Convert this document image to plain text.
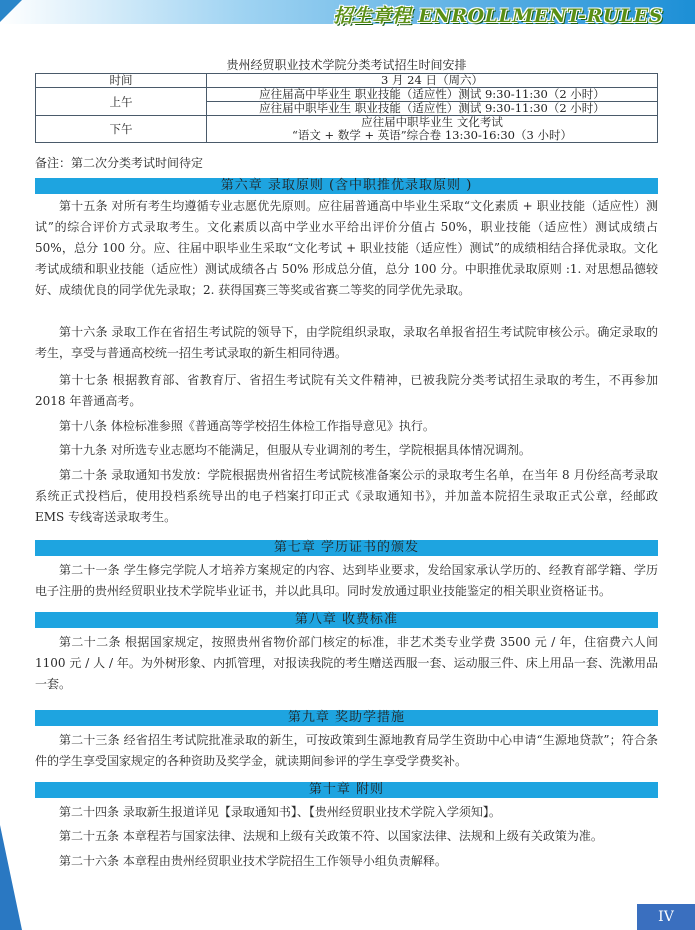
招生章程 ENROLLMENT-RULES
贵州经贸职业技术学院分类考试招生时间安排
时间	3 月 24 日（周六）
上午	应往届高中毕业生 职业技能（适应性）测试 9:30-11:30（2 小时）
	应往届中职毕业生 职业技能（适应性）测试 9:30-11:30（2 小时）
下午	应往届中职毕业生 文化考试
“语文 + 数学 + 英语”综合卷 13:30-16:30（3 小时）
备注：第二次分类考试时间待定
第六章 录取原则 (含中职推优录取原则 )
第十五条 对所有考生均遵循专业志愿优先原则。应往届普通高中毕业生采取“文化素质 + 职业技能（适应性）测试”的综合评价方式录取考生。文化素质以高中学业水平给出评价分值占 50%，职业技能（适应性）测试成绩占 50%，总分 100 分。应、往届中职毕业生采取“文化考试 + 职业技能（适应性）测试”的成绩相结合择优录取。文化考试成绩和职业技能（适应性）测试成绩各占 50% 形成总分值，总分 100 分。中职推优录取原则 :1. 对思想品德较好、成绩优良的同学优先录取；2. 获得国赛三等奖或省赛二等奖的同学优先录取。
第十六条 录取工作在省招生考试院的领导下，由学院组织录取，录取名单报省招生考试院审核公示。确定录取的考生，享受与普通高校统一招生考试录取的新生相同待遇。
第十七条 根据教育部、省教育厅、省招生考试院有关文件精神，已被我院分类考试招生录取的考生，不再参加 2018 年普通高考。
第十八条 体检标准参照《普通高等学校招生体检工作指导意见》执行。
第十九条 对所选专业志愿均不能满足，但服从专业调剂的考生，学院根据具体情况调剂。
第二十条 录取通知书发放：学院根据贵州省招生考试院核准备案公示的录取考生名单，在当年 8 月份经高考录取系统正式投档后，使用投档系统导出的电子档案打印正式《录取通知书》，并加盖本院招生录取正式公章，经邮政 EMS 专线寄送录取考生。
第七章 学历证书的颁发
第二十一条 学生修完学院人才培养方案规定的内容、达到毕业要求，发给国家承认学历的、经教育部学籍、学历电子注册的贵州经贸职业技术学院毕业证书，并以此具印。同时发放通过职业技能鉴定的相关职业资格证书。
第八章 收费标准
第二十二条 根据国家规定，按照贵州省物价部门核定的标准，非艺术类专业学费 3500 元 / 年，住宿费六人间 1100 元 / 人 / 年。为外树形象、内抓管理，对报读我院的考生赠送西服一套、运动服三件、床上用品一套、洗漱用品一套。
第九章 奖助学措施
第二十三条 经省招生考试院批准录取的新生，可按政策到生源地教育局学生资助中心申请“生源地贷款”；符合条件的学生享受国家规定的各种资助及奖学金，就读期间参评的学生享受学费奖补。
第十章 附则
第二十四条 录取新生报道详见【录取通知书】、【贵州经贸职业技术学院入学须知】。
第二十五条 本章程若与国家法律、法规和上级有关政策不符、以国家法律、法规和上级有关政策为准。
第二十六条 本章程由贵州经贸职业技术学院招生工作领导小组负责解释。
IV
